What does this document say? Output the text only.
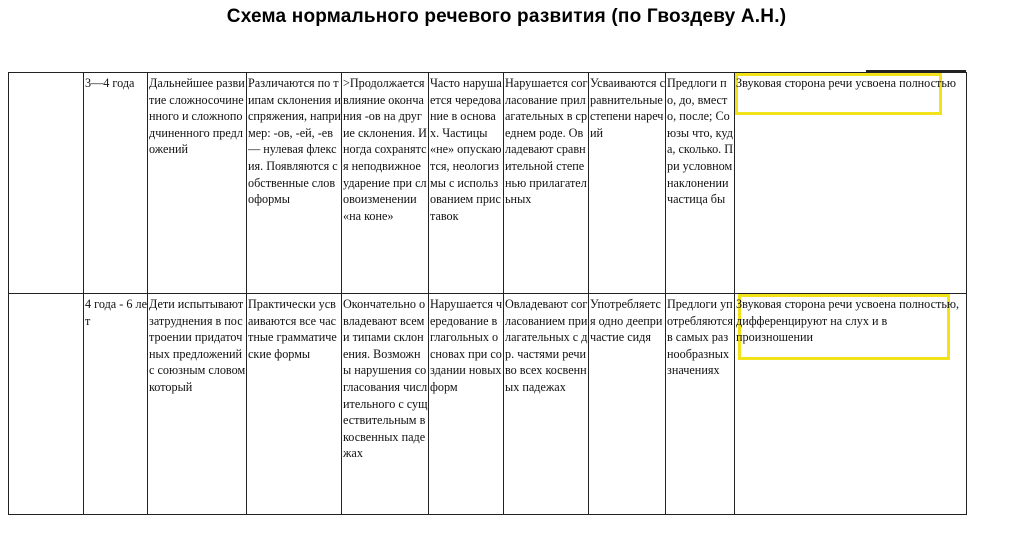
Схема нормального речевого развития (по Гвоздеву А.Н.)
	3—4 года	Дальнейшее развитие сложносочиненного и сложноподчиненного предложений	Различаются по типам склонения и спряжения, например: -ов, -ей, -ев — нулевая флексия. Появляются собственные словоформы	>Продолжается влияние окончания -ов на другие склонения. Иногда сохранятся неподвижное ударение при словоизменении «на коне»	Часто нарушается чередование в основах. Частицы «не» опускаются, неологизмы с использованием приставок	Нарушается согласование прилагательных в среднем роде. Овладевают сравнительной степенью прилагательных	Усваиваются сравнительные степени наречий	Предлоги по, до, вместо, после; Союзы что, куда, сколько. При условном наклонении частица бы	Звуковая сторона речи усвоена полностью

	4 года - 6 лет	Дети испытывают затруднения в построении придаточных предложений с союзным словом который	Практически усваиваются все частные грамматические формы	Окончательно овладевают всеми типами склонения. Возможны нарушения согласования числительного с существительным в косвенных падежах	Нарушается чередование в глагольных основах при создании новых форм	Овладевают согласованием прилагательных с др. частями речи во всех косвенных падежах	Употребляется одно деепричастие сидя	Предлоги употребляются в самых разнообразных значениях	Звуковая сторона речи усвоена полностью, дифференцируют на слух и в произношении
